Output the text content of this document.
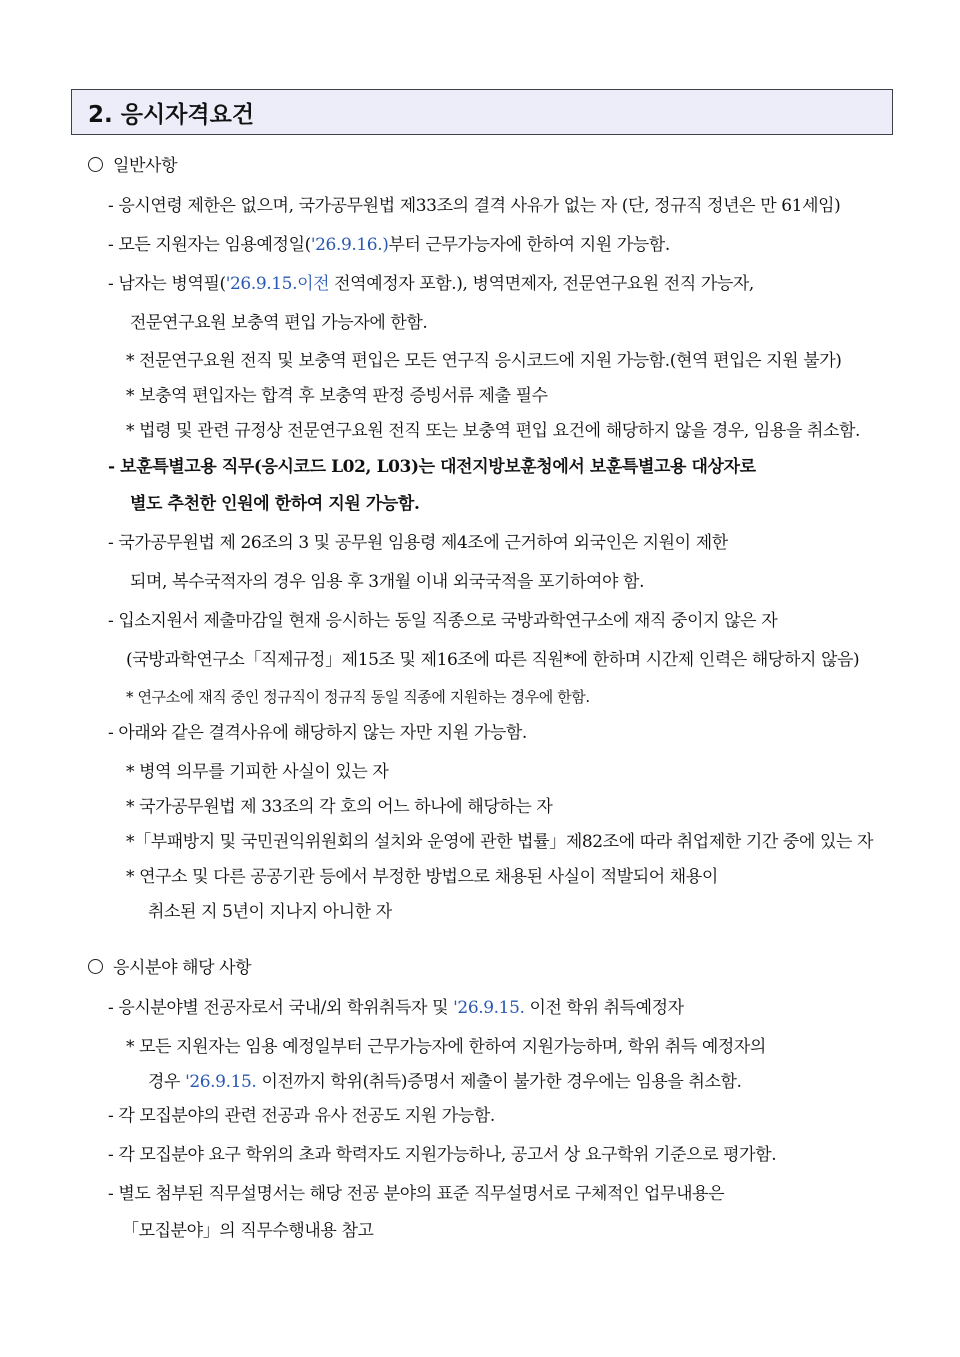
2. 응시자격요건
일반사항
- 응시연령 제한은 없으며, 국가공무원법 제33조의 결격 사유가 없는 자 (단, 정규직 정년은 만 61세임)
- 모든 지원자는 임용예정일('26.9.16.)부터 근무가능자에 한하여 지원 가능함.
- 남자는 병역필('26.9.15.이전 전역예정자 포함.), 병역면제자, 전문연구요원 전직 가능자,
전문연구요원 보충역 편입 가능자에 한함.
* 전문연구요원 전직 및 보충역 편입은 모든 연구직 응시코드에 지원 가능함.(현역 편입은 지원 불가)
* 보충역 편입자는 합격 후 보충역 판정 증빙서류 제출 필수
* 법령 및 관련 규정상 전문연구요원 전직 또는 보충역 편입 요건에 해당하지 않을 경우, 임용을 취소함.
- 보훈특별고용 직무(응시코드 L02, L03)는 대전지방보훈청에서 보훈특별고용 대상자로
별도 추천한 인원에 한하여 지원 가능함.
- 국가공무원법 제 26조의 3 및 공무원 임용령 제4조에 근거하여 외국인은 지원이 제한
되며, 복수국적자의 경우 임용 후 3개월 이내 외국국적을 포기하여야 함.
- 입소지원서 제출마감일 현재 응시하는 동일 직종으로 국방과학연구소에 재직 중이지 않은 자
(국방과학연구소「직제규정」제15조 및 제16조에 따른 직원*에 한하며 시간제 인력은 해당하지 않음)
* 연구소에 재직 중인 정규직이 정규직 동일 직종에 지원하는 경우에 한함.
- 아래와 같은 결격사유에 해당하지 않는 자만 지원 가능함.
* 병역 의무를 기피한 사실이 있는 자
* 국가공무원법 제 33조의 각 호의 어느 하나에 해당하는 자
*「부패방지 및 국민권익위원회의 설치와 운영에 관한 법률」제82조에 따라 취업제한 기간 중에 있는 자
* 연구소 및 다른 공공기관 등에서 부정한 방법으로 채용된 사실이 적발되어 채용이
취소된 지 5년이 지나지 아니한 자
응시분야 해당 사항
- 응시분야별 전공자로서 국내/외 학위취득자 및 '26.9.15. 이전 학위 취득예정자
* 모든 지원자는 임용 예정일부터 근무가능자에 한하여 지원가능하며, 학위 취득 예정자의
경우 '26.9.15. 이전까지 학위(취득)증명서 제출이 불가한 경우에는 임용을 취소함.
- 각 모집분야의 관련 전공과 유사 전공도 지원 가능함.
- 각 모집분야 요구 학위의 초과 학력자도 지원가능하나, 공고서 상 요구학위 기준으로 평가함.
- 별도 첨부된 직무설명서는 해당 전공 분야의 표준 직무설명서로 구체적인 업무내용은
「모집분야」의 직무수행내용 참고
